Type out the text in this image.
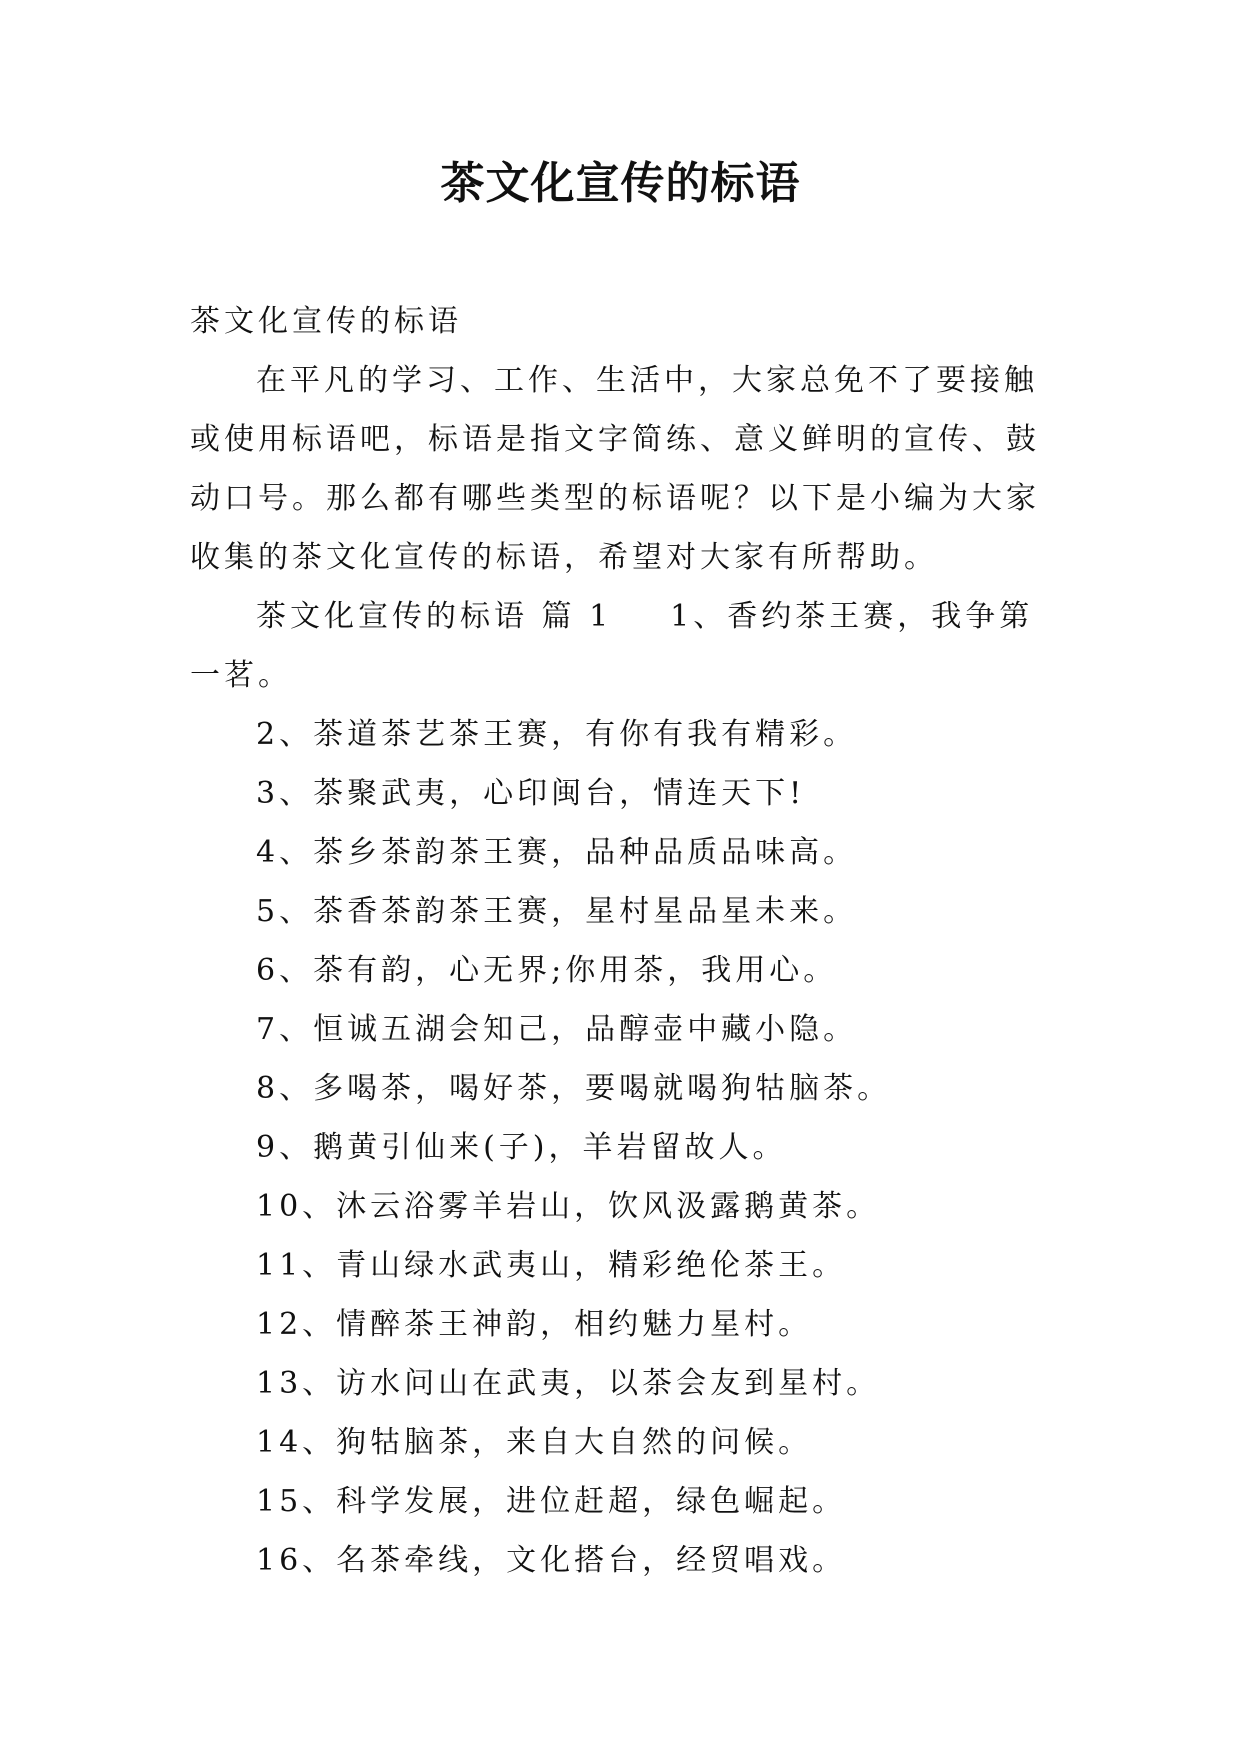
茶文化宣传的标语

茶文化宣传的标语

在平凡的学习、工作、生活中，大家总免不了要接触或使用标语吧，标语是指文字简练、意义鲜明的宣传、鼓动口号。那么都有哪些类型的标语呢？以下是小编为大家收集的茶文化宣传的标语，希望对大家有所帮助。

茶文化宣传的标语 篇 1 1、香约茶王赛，我争第一茗。

2、茶道茶艺茶王赛，有你有我有精彩。

3、茶聚武夷，心印闽台，情连天下!

4、茶乡茶韵茶王赛，品种品质品味高。

5、茶香茶韵茶王赛，星村星品星未来。

6、茶有韵，心无界;你用茶，我用心。

7、恒诚五湖会知己，品醇壶中藏小隐。

8、多喝茶，喝好茶，要喝就喝狗牯脑茶。

9、鹅黄引仙来(子)，羊岩留故人。

10、沐云浴雾羊岩山，饮风汲露鹅黄茶。

11、青山绿水武夷山，精彩绝伦茶王。

12、情醉茶王神韵，相约魅力星村。

13、访水问山在武夷，以茶会友到星村。

14、狗牯脑茶，来自大自然的问候。

15、科学发展，进位赶超，绿色崛起。

16、名茶牵线，文化搭台，经贸唱戏。
